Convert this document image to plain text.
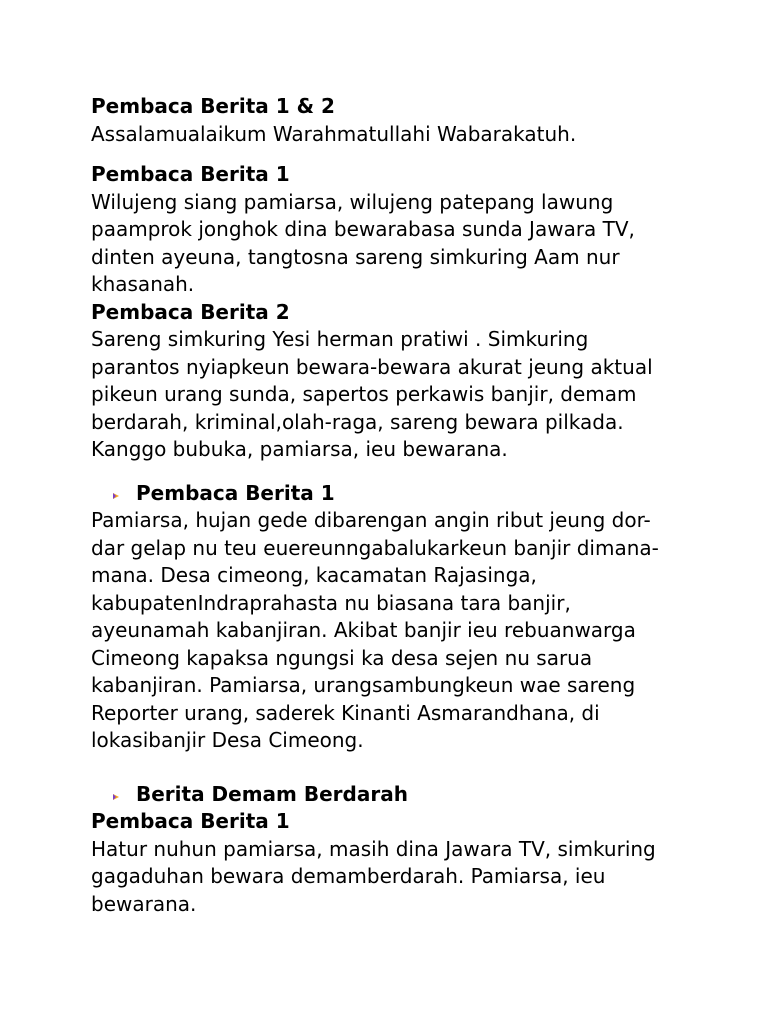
Pembaca Berita 1 & 2

Assalamualaikum Warahmatullahi Wabarakatuh.

Pembaca Berita 1

Wilujeng siang pamiarsa, wilujeng patepang lawung
paamprok jonghok dina bewarabasa sunda Jawara TV,
dinten ayeuna, tangtosna sareng simkuring Aam nur
khasanah.

Pembaca Berita 2

Sareng simkuring Yesi herman pratiwi . Simkuring
parantos nyiapkeun bewara-bewara akurat jeung aktual
pikeun urang sunda, sapertos perkawis banjir, demam
berdarah, kriminal,olah-raga, sareng bewara pilkada.
Kanggo bubuka, pamiarsa, ieu bewarana.

Pembaca Berita 1

Pamiarsa, hujan gede dibarengan angin ribut jeung dor-
dar gelap nu teu euereunngabalukarkeun banjir dimana-
mana. Desa cimeong, kacamatan Rajasinga,
kabupatenIndraprahasta nu biasana tara banjir,
ayeunamah kabanjiran. Akibat banjir ieu rebuanwarga
Cimeong kapaksa ngungsi ka desa sejen nu sarua
kabanjiran. Pamiarsa, urangsambungkeun wae sareng
Reporter urang, saderek Kinanti Asmarandhana, di
lokasibanjir Desa Cimeong.

Berita Demam Berdarah

Pembaca Berita 1

Hatur nuhun pamiarsa, masih dina Jawara TV, simkuring
gagaduhan bewara demamberdarah. Pamiarsa, ieu
bewarana.
